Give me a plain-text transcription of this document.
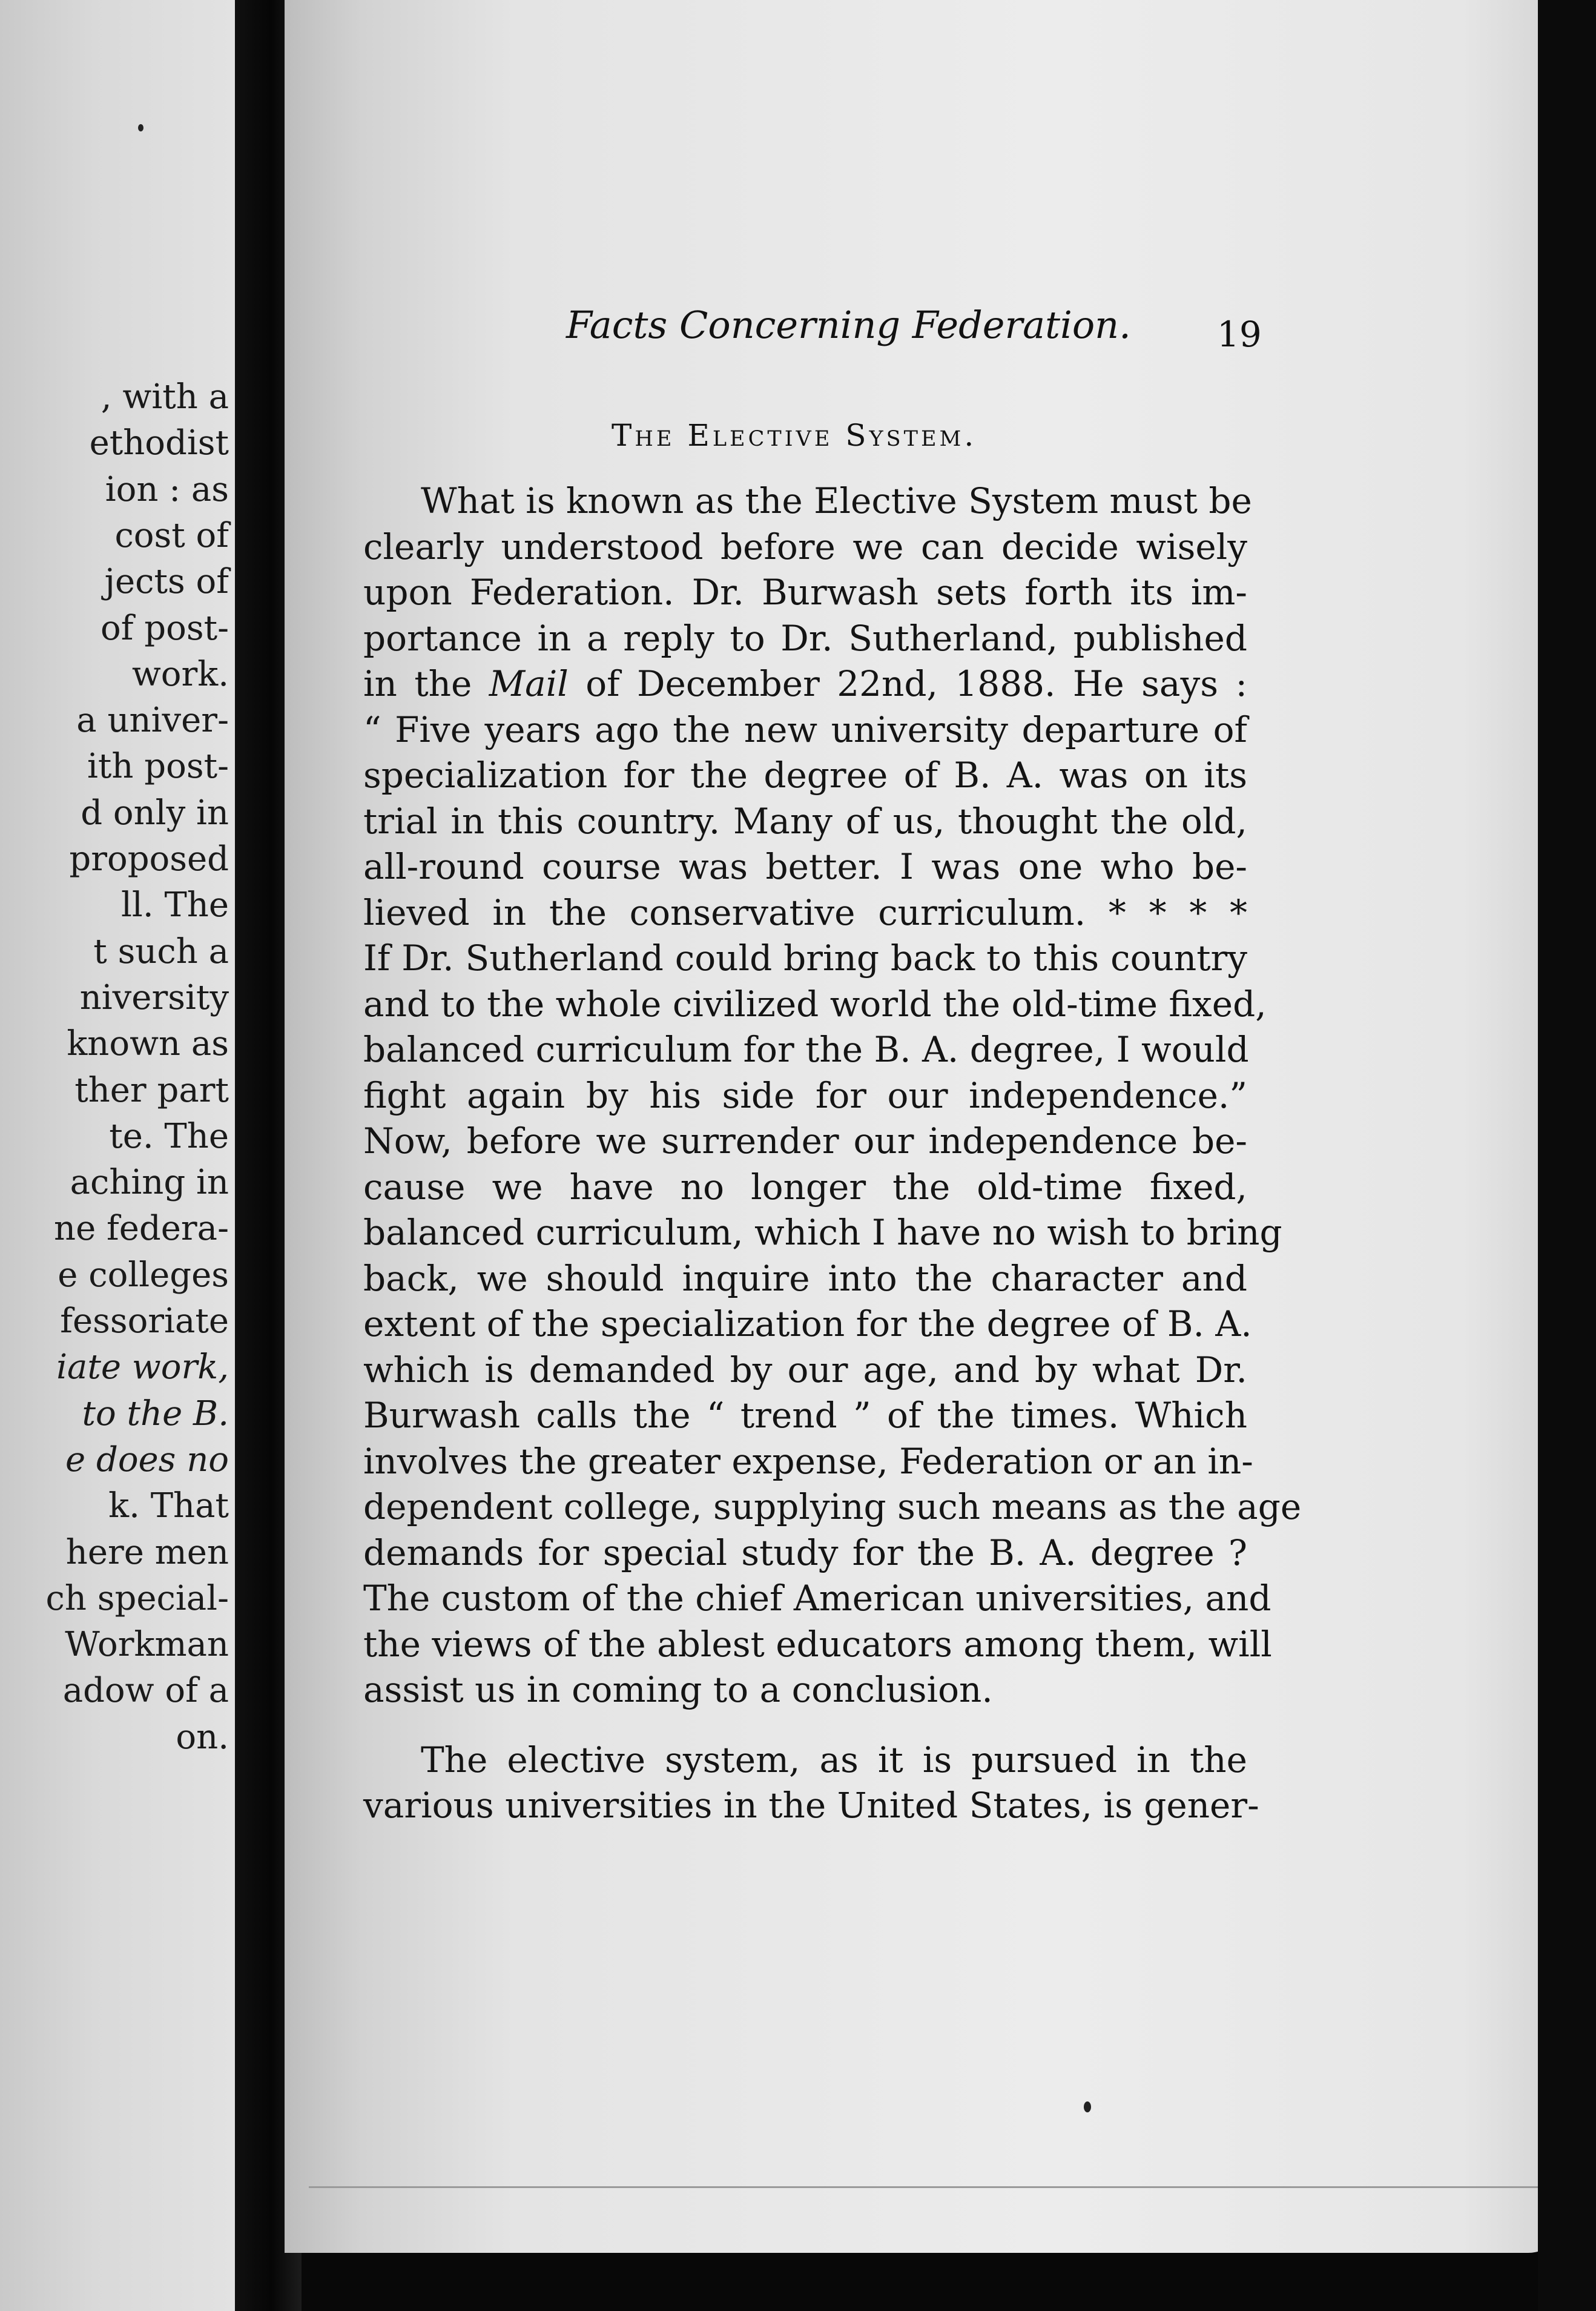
, with a
ethodist
ion : as
cost of
jects of
of post-
work.
a univer-
ith post-
d only in
proposed
ll. The
t such a
niversity
known as
ther part
te. The
aching in
ne federa-
e colleges
fessoriate
iate work,
to the B.
e does no
k. That
here men
ch special-
Workman
adow of a
on.
Facts Concerning Federation. 19
The Elective System.
What is known as the Elective System must be
clearly understood before we can decide wisely
upon Federation. Dr. Burwash sets forth its im-
portance in a reply to Dr. Sutherland, published
in the Mail of December 22nd, 1888. He says :
“ Five years ago the new university departure of
specialization for the degree of B. A. was on its
trial in this country. Many of us, thought the old,
all-round course was better. I was one who be-
lieved in the conservative curriculum. * * * *
If Dr. Sutherland could bring back to this country
and to the whole civilized world the old-time fixed,
balanced curriculum for the B. A. degree, I would
fight again by his side for our independence.”
Now, before we surrender our independence be-
cause we have no longer the old-time fixed,
balanced curriculum, which I have no wish to bring
back, we should inquire into the character and
extent of the specialization for the degree of B. A.
which is demanded by our age, and by what Dr.
Burwash calls the “ trend ” of the times. Which
involves the greater expense, Federation or an in-
dependent college, supplying such means as the age
demands for special study for the B. A. degree ?
The custom of the chief American universities, and
the views of the ablest educators among them, will
assist us in coming to a conclusion.
The elective system, as it is pursued in the
various universities in the United States, is gener-
